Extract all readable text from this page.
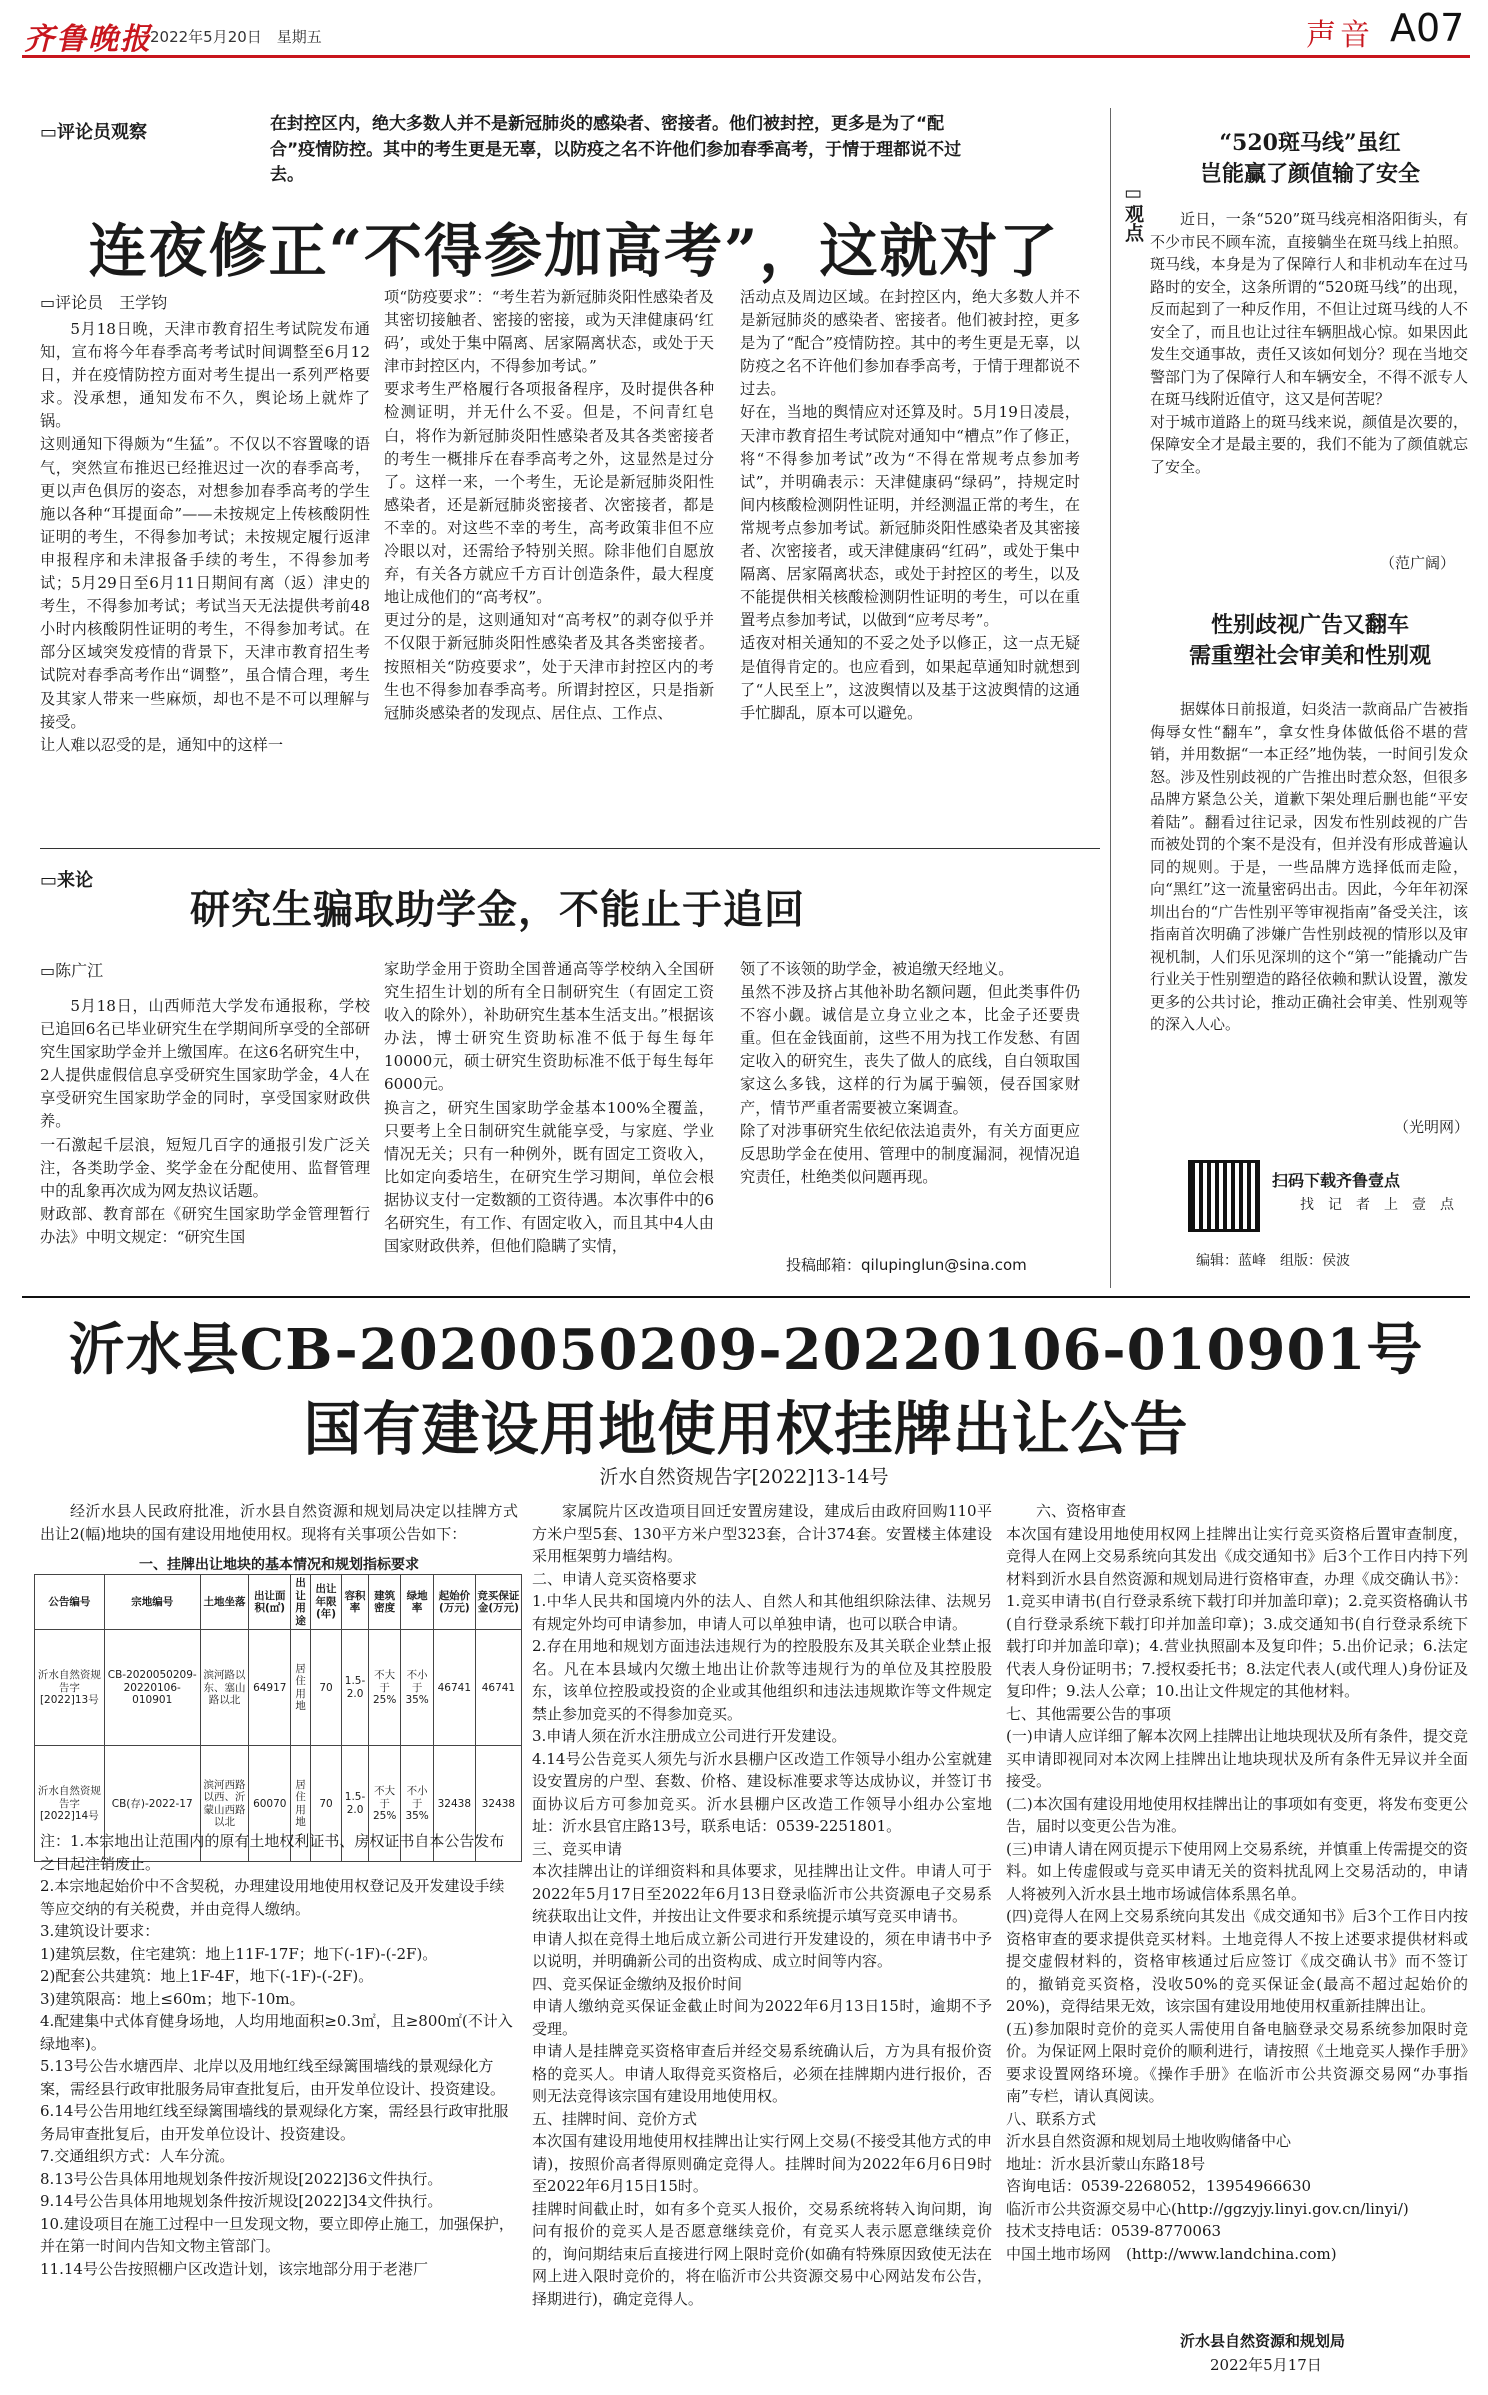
齐鲁晚报
2022年5月20日　星期五	声音 A07
▭评论员观察	在封控区内，绝大多数人并不是新冠肺炎的感染者、密接者。他们被封控，更多是为了“配合”疫情防控。其中的考生更是无辜，以防疫之名不许他们参加春季高考，于情于理都说不过去。
连夜修正“不得参加高考”，这就对了
▭评论员　王学钧
5月18日晚，天津市教育招生考试院发布通知，宣布将今年春季高考考试时间调整至6月12日，并在疫情防控方面对考生提出一系列严格要求。没承想，通知发布不久，舆论场上就炸了锅。
这则通知下得颇为“生猛”。不仅以不容置喙的语气，突然宣布推迟已经推迟过一次的春季高考，更以声色俱厉的姿态，对想参加春季高考的学生施以各种“耳提面命”——未按规定上传核酸阴性证明的考生，不得参加考试；未按规定履行返津申报程序和未津报备手续的考生，不得参加考试；5月29日至6月11日期间有离（返）津史的考生，不得参加考试；考试当天无法提供考前48小时内核酸阴性证明的考生，不得参加考试。在部分区域突发疫情的背景下，天津市教育招生考试院对春季高考作出“调整”，虽合情合理，考生及其家人带来一些麻烦，却也不是不可以理解与接受。
让人难以忍受的是，通知中的这样一
项“防疫要求”：“考生若为新冠肺炎阳性感染者及其密切接触者、密接的密接，或为天津健康码‘红码’，或处于集中隔离、居家隔离状态，或处于天津市封控区内，不得参加考试。”
要求考生严格履行各项报备程序，及时提供各种检测证明，并无什么不妥。但是，不问青红皂白，将作为新冠肺炎阳性感染者及其各类密接者的考生一概排斥在春季高考之外，这显然是过分了。这样一来，一个考生，无论是新冠肺炎阳性感染者，还是新冠肺炎密接者、次密接者，都是不幸的。对这些不幸的考生，高考政策非但不应冷眼以对，还需给予特别关照。除非他们自愿放弃，有关各方就应千方百计创造条件，最大程度地让成他们的“高考权”。
更过分的是，这则通知对“高考权”的剥夺似乎并不仅限于新冠肺炎阳性感染者及其各类密接者。按照相关“防疫要求”，处于天津市封控区内的考生也不得参加春季高考。所谓封控区，只是指新冠肺炎感染者的发现点、居住点、工作点、
活动点及周边区域。在封控区内，绝大多数人并不是新冠肺炎的感染者、密接者。他们被封控，更多是为了“配合”疫情防控。其中的考生更是无辜，以防疫之名不许他们参加春季高考，于情于理都说不过去。
好在，当地的舆情应对还算及时。5月19日凌晨，天津市教育招生考试院对通知中“槽点”作了修正，将“不得参加考试”改为“不得在常规考点参加考试”，并明确表示：天津健康码“绿码”，持规定时间内核酸检测阴性证明，并经测温正常的考生，在常规考点参加考试。新冠肺炎阳性感染者及其密接者、次密接者，或天津健康码“红码”，或处于集中隔离、居家隔离状态，或处于封控区的考生，以及不能提供相关核酸检测阴性证明的考生，可以在重置考点参加考试，以做到“应考尽考”。
适夜对相关通知的不妥之处予以修正，这一点无疑是值得肯定的。也应看到，如果起草通知时就想到了“人民至上”，这波舆情以及基于这波舆情的这通手忙脚乱，原本可以避免。
▭来论
研究生骗取助学金，不能止于追回
▭陈广江
5月18日，山西师范大学发布通报称，学校已追回6名已毕业研究生在学期间所享受的全部研究生国家助学金并上缴国库。在这6名研究生中，2人提供虚假信息享受研究生国家助学金，4人在享受研究生国家助学金的同时，享受国家财政供养。
一石激起千层浪，短短几百字的通报引发广泛关注，各类助学金、奖学金在分配使用、监督管理中的乱象再次成为网友热议话题。
财政部、教育部在《研究生国家助学金管理暂行办法》中明文规定：“研究生国
家助学金用于资助全国普通高等学校纳入全国研究生招生计划的所有全日制研究生（有固定工资收入的除外），补助研究生基本生活支出。”根据该办法，博士研究生资助标准不低于每生每年10000元，硕士研究生资助标准不低于每生每年6000元。
换言之，研究生国家助学金基本100%全覆盖，只要考上全日制研究生就能享受，与家庭、学业情况无关；只有一种例外，既有固定工资收入，比如定向委培生，在研究生学习期间，单位会根据协议支付一定数额的工资待遇。本次事件中的6名研究生，有工作、有固定收入，而且其中4人由国家财政供养，但他们隐瞒了实情，
领了不该领的助学金，被追缴天经地义。
虽然不涉及挤占其他补助名额问题，但此类事件仍不容小觑。诚信是立身立业之本，比金子还要贵重。但在金钱面前，这些不用为找工作发愁、有固定收入的研究生，丧失了做人的底线，自白领取国家这么多钱，这样的行为属于骗领，侵吞国家财产，情节严重者需要被立案调查。
除了对涉事研究生依纪依法追责外，有关方面更应反思助学金在使用、管理中的制度漏洞，视情况追究责任，杜绝类似问题再现。
投稿邮箱：qilupinglun@sina.com
▭观点
“520斑马线”虽红
岂能赢了颜值输了安全
近日，一条“520”斑马线亮相洛阳街头，有不少市民不顾车流，直接躺坐在斑马线上拍照。斑马线，本身是为了保障行人和非机动车在过马路时的安全，这条所谓的“520斑马线”的出现，反而起到了一种反作用，不但让过斑马线的人不安全了，而且也让过往车辆胆战心惊。如果因此发生交通事故，责任又该如何划分？现在当地交警部门为了保障行人和车辆安全，不得不派专人在斑马线附近值守，这又是何苦呢？
对于城市道路上的斑马线来说，颜值是次要的，保障安全才是最主要的，我们不能为了颜值就忘了安全。
（范广阔）
性别歧视广告又翻车
需重塑社会审美和性别观
据媒体日前报道，妇炎洁一款商品广告被指侮辱女性“翻车”，拿女性身体做低俗不堪的营销，并用数据“一本正经”地伪装，一时间引发众怒。涉及性别歧视的广告推出时惹众怒，但很多品牌方紧急公关，道歉下架处理后删也能“平安着陆”。翻看过往记录，因发布性别歧视的广告而被处罚的个案不是没有，但并没有形成普遍认同的规则。于是，一些品牌方选择低而走险，向“黑红”这一流量密码出击。因此，今年年初深圳出台的“广告性别平等审视指南”备受关注，该指南首次明确了涉嫌广告性别歧视的情形以及审视机制，人们乐见深圳的这个“第一”能撬动广告行业关于性别塑造的路径依赖和默认设置，激发更多的公共讨论，推动正确社会审美、性别观等的深入人心。
（光明网）
扫码下载齐鲁壹点
找　记　者　上　壹　点
编辑：蓝峰　组版：侯波
沂水县CB-2020050209-20220106-010901号
国有建设用地使用权挂牌出让公告
沂水自然资规告字[2022]13-14号
经沂水县人民政府批准，沂水县自然资源和规划局决定以挂牌方式出让2(幅)地块的国有建设用地使用权。现将有关事项公告如下：
一、挂牌出让地块的基本情况和规划指标要求
公告编号	宗地编号	土地坐落	出让面积(㎡)	出让用途	出让年限(年)	容积率	建筑密度	绿地率	起始价(万元)	竞买保证金(万元)
沂水自然资规告字[2022]13号	CB-2020050209-20220106-010901	滨河路以东、塞山路以北	64917	居住用地	70	1.5-2.0	不大于25%	不小于35%	46741	46741
沂水自然资规告字[2022]14号	CB(存)-2022-17	滨河西路以西、沂蒙山西路以北	60070	居住用地	70	1.5-2.0	不大于25%	不小于35%	32438	32438
注：1.本宗地出让范围内的原有土地权利证书、房权证书自本公告发布之日起注销废止。
2.本宗地起始价中不含契税，办理建设用地使用权登记及开发建设手续等应交纳的有关税费，并由竞得人缴纳。
3.建筑设计要求：
1)建筑层数，住宅建筑：地上11F-17F；地下(-1F)-(-2F)。
2)配套公共建筑：地上1F-4F，地下(-1F)-(-2F)。
3)建筑限高：地上≤60m；地下-10m。
4.配建集中式体育健身场地，人均用地面积≥0.3㎡，且≥800㎡(不计入绿地率)。
5.13号公告水塘西岸、北岸以及用地红线至绿篱围墙线的景观绿化方案，需经县行政审批服务局审查批复后，由开发单位设计、投资建设。
6.14号公告用地红线至绿篱围墙线的景观绿化方案，需经县行政审批服务局审查批复后，由开发单位设计、投资建设。
7.交通组织方式：人车分流。
8.13号公告具体用地规划条件按沂规设[2022]36文件执行。
9.14号公告具体用地规划条件按沂规设[2022]34文件执行。
10.建设项目在施工过程中一旦发现文物，要立即停止施工，加强保护，并在第一时间内告知文物主管部门。
11.14号公告按照棚户区改造计划，该宗地部分用于老港厂
家属院片区改造项目回迁安置房建设，建成后由政府回购110平方米户型5套、130平方米户型323套，合计374套。安置楼主体建设采用框架剪力墙结构。
二、申请人竞买资格要求
1.中华人民共和国境内外的法人、自然人和其他组织除法律、法规另有规定外均可申请参加，申请人可以单独申请，也可以联合申请。
2.存在用地和规划方面违法违规行为的控股股东及其关联企业禁止报名。凡在本县域内欠缴土地出让价款等违规行为的单位及其控股股东，该单位控股或投资的企业或其他组织和违法违规欺诈等文件规定禁止参加竞买的不得参加竞买。
3.申请人须在沂水注册成立公司进行开发建设。
4.14号公告竞买人须先与沂水县棚户区改造工作领导小组办公室就建设安置房的户型、套数、价格、建设标准要求等达成协议，并签订书面协议后方可参加竞买。沂水县棚户区改造工作领导小组办公室地址：沂水县官庄路13号，联系电话：0539-2251801。
三、竞买申请
本次挂牌出让的详细资料和具体要求，见挂牌出让文件。申请人可于2022年5月17日至2022年6月13日登录临沂市公共资源电子交易系统获取出让文件，并按出让文件要求和系统提示填写竞买申请书。
申请人拟在竞得土地后成立新公司进行开发建设的，须在申请书中予以说明，并明确新公司的出资构成、成立时间等内容。
四、竞买保证金缴纳及报价时间
申请人缴纳竞买保证金截止时间为2022年6月13日15时，逾期不予受理。
申请人是挂牌竞买资格审查后并经交易系统确认后，方为具有报价资格的竞买人。申请人取得竞买资格后，必须在挂牌期内进行报价，否则无法竞得该宗国有建设用地使用权。
五、挂牌时间、竞价方式
本次国有建设用地使用权挂牌出让实行网上交易(不接受其他方式的申请)，按照价高者得原则确定竞得人。挂牌时间为2022年6月6日9时至2022年6月15日15时。
挂牌时间截止时，如有多个竞买人报价，交易系统将转入询问期，询问有报价的竞买人是否愿意继续竞价，有竞买人表示愿意继续竞价的，询问期结束后直接进行网上限时竞价(如确有特殊原因致使无法在网上进入限时竞价的，将在临沂市公共资源交易中心网站发布公告，择期进行)，确定竞得人。
六、资格审查
本次国有建设用地使用权网上挂牌出让实行竞买资格后置审查制度，竞得人在网上交易系统向其发出《成交通知书》后3个工作日内持下列材料到沂水县自然资源和规划局进行资格审查，办理《成交确认书》：1.竞买申请书(自行登录系统下载打印并加盖印章)；2.竞买资格确认书(自行登录系统下载打印并加盖印章)；3.成交通知书(自行登录系统下载打印并加盖印章)；4.营业执照副本及复印件；5.出价记录；6.法定代表人身份证明书；7.授权委托书；8.法定代表人(或代理人)身份证及复印件；9.法人公章；10.出让文件规定的其他材料。
七、其他需要公告的事项
(一)申请人应详细了解本次网上挂牌出让地块现状及所有条件，提交竞买申请即视同对本次网上挂牌出让地块现状及所有条件无异议并全面接受。
(二)本次国有建设用地使用权挂牌出让的事项如有变更，将发布变更公告，届时以变更公告为准。
(三)申请人请在网页提示下使用网上交易系统，并慎重上传需提交的资料。如上传虚假或与竞买申请无关的资料扰乱网上交易活动的，申请人将被列入沂水县土地市场诚信体系黑名单。
(四)竞得人在网上交易系统向其发出《成交通知书》后3个工作日内按资格审查的要求提供竞买材料。土地竞得人不按上述要求提供材料或提交虚假材料的，资格审核通过后应签订《成交确认书》而不签订的，撤销竞买资格，没收50%的竞买保证金(最高不超过起始价的20%)，竞得结果无效，该宗国有建设用地使用权重新挂牌出让。
(五)参加限时竞价的竞买人需使用自备电脑登录交易系统参加限时竞价。为保证网上限时竞价的顺利进行，请按照《土地竞买人操作手册》要求设置网络环境。《操作手册》在临沂市公共资源交易网“办事指南”专栏，请认真阅读。
八、联系方式
沂水县自然资源和规划局土地收购储备中心
地址：沂水县沂蒙山东路18号
咨询电话：0539-2268052，13954966630
临沂市公共资源交易中心(http://ggzyjy.linyi.gov.cn/linyi/)
技术支持电话：0539-8770063
中国土地市场网　(http://www.landchina.com)
沂水县自然资源和规划局
2022年5月17日
